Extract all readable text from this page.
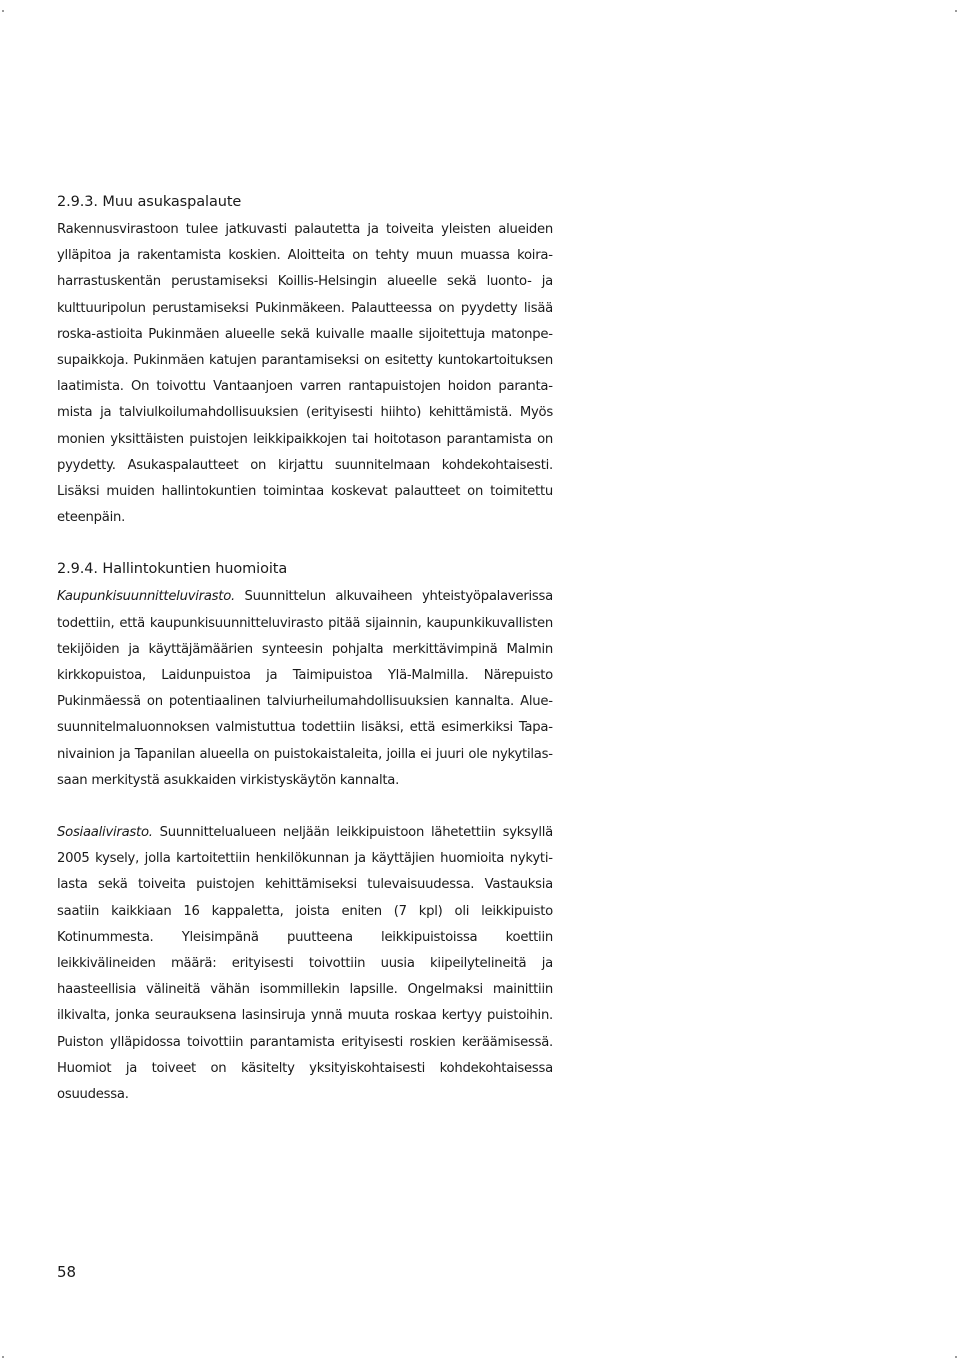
2.9.3. Muu asukaspalaute

Rakennusvirastoon tulee jatkuvasti palautetta ja toiveita yleisten alueiden ylläpitoa ja rakentamista koskien. Aloitteita on tehty muun muassa koiraharrastuskentän perustamiseksi Koillis-Helsingin alueelle sekä luonto- ja kulttuuripolun perustamiseksi Pukinmäkeen. Palautteessa on pyydetty lisää roska-astioita Pukinmäen alueelle sekä kuivalle maalle sijoitettuja matonpesupaikkoja. Pukinmäen katujen parantamiseksi on esitetty kuntokartoituksen laatimista. On toivottu Vantaanjoen varren rantapuistojen hoidon parantamista ja talviulkoilumahdollisuuksien (erityisesti hiihto) kehittämistä. Myös monien yksittäisten puistojen leikkipaikkojen tai hoitotason parantamista on pyydetty. Asukaspalautteet on kirjattu suunnitelmaan kohdekohtaisesti. Lisäksi muiden hallintokuntien toimintaa koskevat palautteet on toimitettu eteenpäin.

2.9.4. Hallintokuntien huomioita

Kaupunkisuunnitteluvirasto. Suunnittelun alkuvaiheen yhteistyöpalaverissa todettiin, että kaupunkisuunnitteluvirasto pitää sijainnin, kaupunkikuvallisten tekijöiden ja käyttäjämäärien synteesin pohjalta merkittävimpinä Malmin kirkkopuistoa, Laidunpuistoa ja Taimipuistoa Ylä-Malmilla. Närepuisto Pukinmäessä on potentiaalinen talviurheilumahdollisuuksien kannalta. Aluesuunnitelmaluonnoksen valmistuttua todettiin lisäksi, että esimerkiksi Tapanivainion ja Tapanilan alueella on puistokaistaleita, joilla ei juuri ole nykytilassaan merkitystä asukkaiden virkistyskäytön kannalta.

Sosiaalivirasto. Suunnittelualueen neljään leikkipuistoon lähetettiin syksyllä 2005 kysely, jolla kartoitettiin henkilökunnan ja käyttäjien huomioita nykytilasta sekä toiveita puistojen kehittämiseksi tulevaisuudessa. Vastauksia saatiin kaikkiaan 16 kappaletta, joista eniten (7 kpl) oli leikkipuisto Kotinummesta. Yleisimpänä puutteena leikkipuistoissa koettiin leikkivälineiden määrä: erityisesti toivottiin uusia kiipeilytelineitä ja haasteellisia välineitä vähän isommillekin lapsille. Ongelmaksi mainittiin ilkivalta, jonka seurauksena lasinsiruja ynnä muuta roskaa kertyy puistoihin. Puiston ylläpidossa toivottiin parantamista erityisesti roskien keräämisessä. Huomiot ja toiveet on käsitelty yksityiskohtaisesti kohdekohtaisessa osuudessa.

58
